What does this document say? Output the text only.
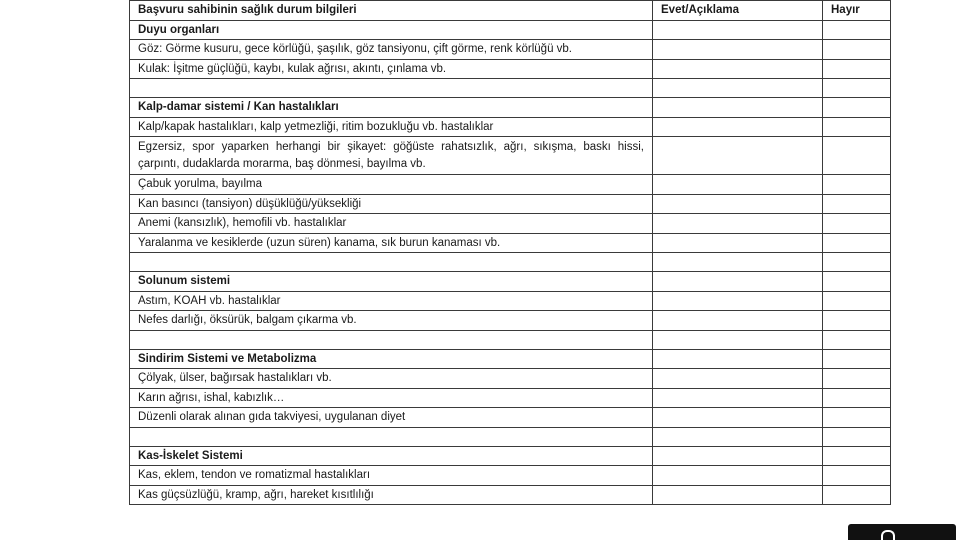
Başvuru sahibinin sağlık durum bilgileri	Evet/Açıklama	Hayır
Duyu organları		
Göz: Görme kusuru, gece körlüğü, şaşılık, göz tansiyonu, çift görme, renk körlüğü vb.		
Kulak: İşitme güçlüğü, kaybı, kulak ağrısı, akıntı, çınlama vb.		

Kalp-damar sistemi / Kan hastalıkları		
Kalp/kapak hastalıkları, kalp yetmezliği, ritim bozukluğu vb. hastalıklar		
Egzersiz, spor yaparken herhangi bir şikayet: göğüste rahatsızlık, ağrı, sıkışma, baskı hissi, çarpıntı, dudaklarda morarma, baş dönmesi, bayılma vb.		
Çabuk yorulma, bayılma		
Kan basıncı (tansiyon) düşüklüğü/yüksekliği		
Anemi (kansızlık), hemofili vb. hastalıklar		
Yaralanma ve kesiklerde (uzun süren) kanama, sık burun kanaması vb.		

Solunum sistemi		
Astım, KOAH vb. hastalıklar		
Nefes darlığı, öksürük, balgam çıkarma vb.		

Sindirim Sistemi ve Metabolizma		
Çölyak, ülser, bağırsak hastalıkları vb.		
Karın ağrısı, ishal, kabızlık…		
Düzenli olarak alınan gıda takviyesi, uygulanan diyet		

Kas-İskelet Sistemi		
Kas, eklem, tendon ve romatizmal hastalıkları		
Kas güçsüzlüğü, kramp, ağrı, hareket kısıtlılığı		
